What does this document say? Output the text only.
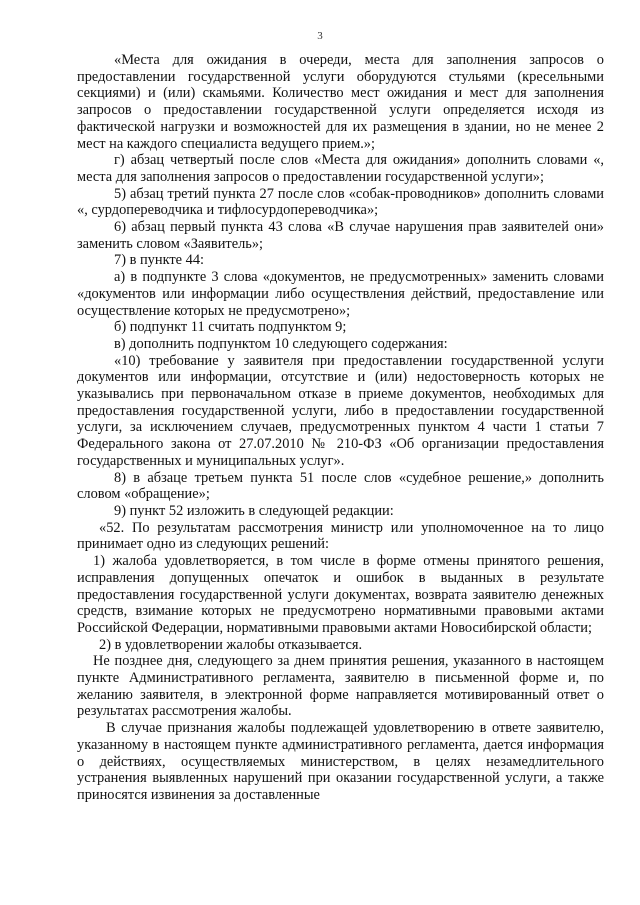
3

«Места для ожидания в очереди, места для заполнения запросов о предоставлении государственной услуги оборудуются стульями (кресельными секциями) и (или) скамьями. Количество мест ожидания и мест для заполнения запросов о предоставлении государственной услуги определяется исходя из фактической нагрузки и возможностей для их размещения в здании, но не менее 2 мест на каждого специалиста ведущего прием.»;

г) абзац четвертый после слов «Места для ожидания» дополнить словами «, места для заполнения запросов о предоставлении государственной услуги»;

5) абзац третий пункта 27 после слов «собак-проводников» дополнить словами «, сурдопереводчика и тифлосурдопереводчика»;

6) абзац первый пункта 43 слова «В случае нарушения прав заявителей они» заменить словом «Заявитель»;

7) в пункте 44:

а) в подпункте 3 слова «документов, не предусмотренных» заменить словами «документов или информации либо осуществления действий, предоставление или осуществление которых не предусмотрено»;

б) подпункт 11 считать подпунктом 9;

в) дополнить подпунктом 10 следующего содержания:

«10) требование у заявителя при предоставлении государственной услуги документов или информации, отсутствие и (или) недостоверность которых не указывались при первоначальном отказе в приеме документов, необходимых для предоставления государственной услуги, либо в предоставлении государственной услуги, за исключением случаев, предусмотренных пунктом 4 части 1 статьи 7 Федерального закона от 27.07.2010 № 210-ФЗ «Об организации предоставления государственных и муниципальных услуг».

8) в абзаце третьем пункта 51 после слов «судебное решение,» дополнить словом «обращение»;

9) пункт 52 изложить в следующей редакции:

«52. По результатам рассмотрения министр или уполномоченное на то лицо принимает одно из следующих решений:

1) жалоба удовлетворяется, в том числе в форме отмены принятого решения, исправления допущенных опечаток и ошибок в выданных в результате предоставления государственной услуги документах, возврата заявителю денежных средств, взимание которых не предусмотрено нормативными правовыми актами Российской Федерации, нормативными правовыми актами Новосибирской области;

2) в удовлетворении жалобы отказывается.

Не позднее дня, следующего за днем принятия решения, указанного в настоящем пункте Административного регламента, заявителю в письменной форме и, по желанию заявителя, в электронной форме направляется мотивированный ответ о результатах рассмотрения жалобы.

В случае признания жалобы подлежащей удовлетворению в ответе заявителю, указанному в настоящем пункте административного регламента, дается информация о действиях, осуществляемых министерством, в целях незамедлительного устранения выявленных нарушений при оказании государственной услуги, а также приносятся извинения за доставленные
